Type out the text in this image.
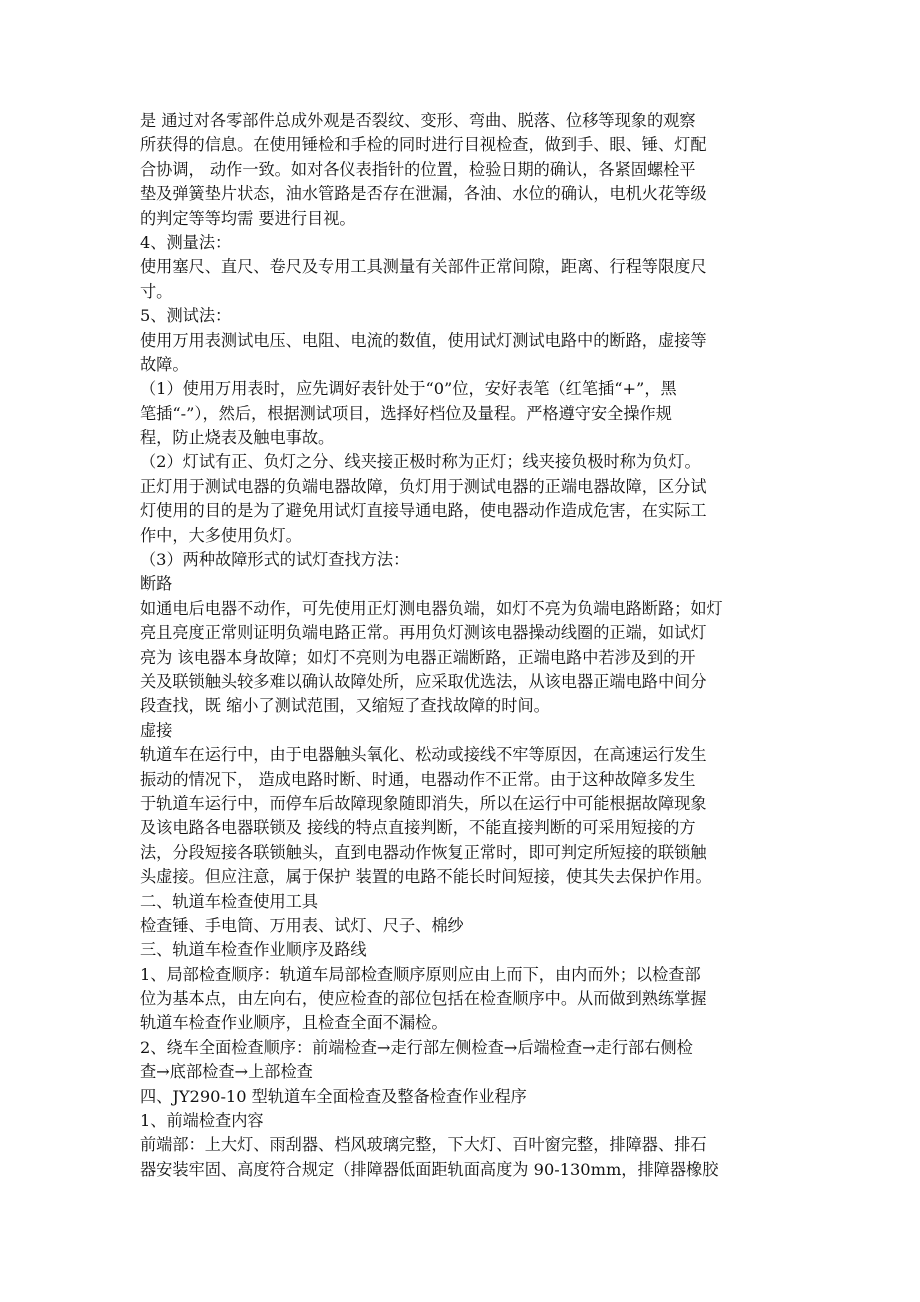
是 通过对各零部件总成外观是否裂纹、变形、弯曲、脱落、位移等现象的观察
所获得的信息。在使用锤检和手检的同时进行目视检查，做到手、眼、锤、灯配
合协调， 动作一致。如对各仪表指针的位置，检验日期的确认，各紧固螺栓平
垫及弹簧垫片状态，油水管路是否存在泄漏，各油、水位的确认，电机火花等级
的判定等等均需 要进行目视。
4、测量法：
使用塞尺、直尺、卷尺及专用工具测量有关部件正常间隙，距离、行程等限度尺
寸。
5、测试法：
使用万用表测试电压、电阻、电流的数值，使用试灯测试电路中的断路，虚接等
故障。
（1）使用万用表时，应先调好表针处于“0”位，安好表笔（红笔插“+”，黑
笔插“-”），然后，根据测试项目，选择好档位及量程。严格遵守安全操作规
程，防止烧表及触电事故。
（2）灯试有正、负灯之分、线夹接正极时称为正灯；线夹接负极时称为负灯。
正灯用于测试电器的负端电器故障，负灯用于测试电器的正端电器故障，区分试
灯使用的目的是为了避免用试灯直接导通电路，使电器动作造成危害，在实际工
作中，大多使用负灯。
（3）两种故障形式的试灯查找方法：
断路
如通电后电器不动作，可先使用正灯测电器负端，如灯不亮为负端电路断路；如灯
亮且亮度正常则证明负端电路正常。再用负灯测该电器操动线圈的正端，如试灯
亮为 该电器本身故障；如灯不亮则为电器正端断路，正端电路中若涉及到的开
关及联锁触头较多难以确认故障处所，应采取优选法，从该电器正端电路中间分
段查找，既 缩小了测试范围，又缩短了查找故障的时间。
虚接
轨道车在运行中，由于电器触头氧化、松动或接线不牢等原因，在高速运行发生
振动的情况下， 造成电路时断、时通，电器动作不正常。由于这种故障多发生
于轨道车运行中，而停车后故障现象随即消失，所以在运行中可能根据故障现象
及该电路各电器联锁及 接线的特点直接判断，不能直接判断的可采用短接的方
法，分段短接各联锁触头，直到电器动作恢复正常时，即可判定所短接的联锁触
头虚接。但应注意，属于保护 装置的电路不能长时间短接，使其失去保护作用。
二、轨道车检查使用工具
检查锤、手电筒、万用表、试灯、尺子、棉纱
三、轨道车检查作业顺序及路线
1、局部检查顺序：轨道车局部检查顺序原则应由上而下，由内而外；以检查部
位为基本点，由左向右，使应检查的部位包括在检查顺序中。从而做到熟练掌握
轨道车检查作业顺序，且检查全面不漏检。
2、绕车全面检查顺序：前端检查→走行部左侧检查→后端检查→走行部右侧检
查→底部检查→上部检查
四、JY290-10 型轨道车全面检查及整备检查作业程序
1、前端检查内容
前端部：上大灯、雨刮器、档风玻璃完整，下大灯、百叶窗完整，排障器、排石
器安装牢固、高度符合规定（排障器低面距轨面高度为 90-130mm，排障器橡胶
